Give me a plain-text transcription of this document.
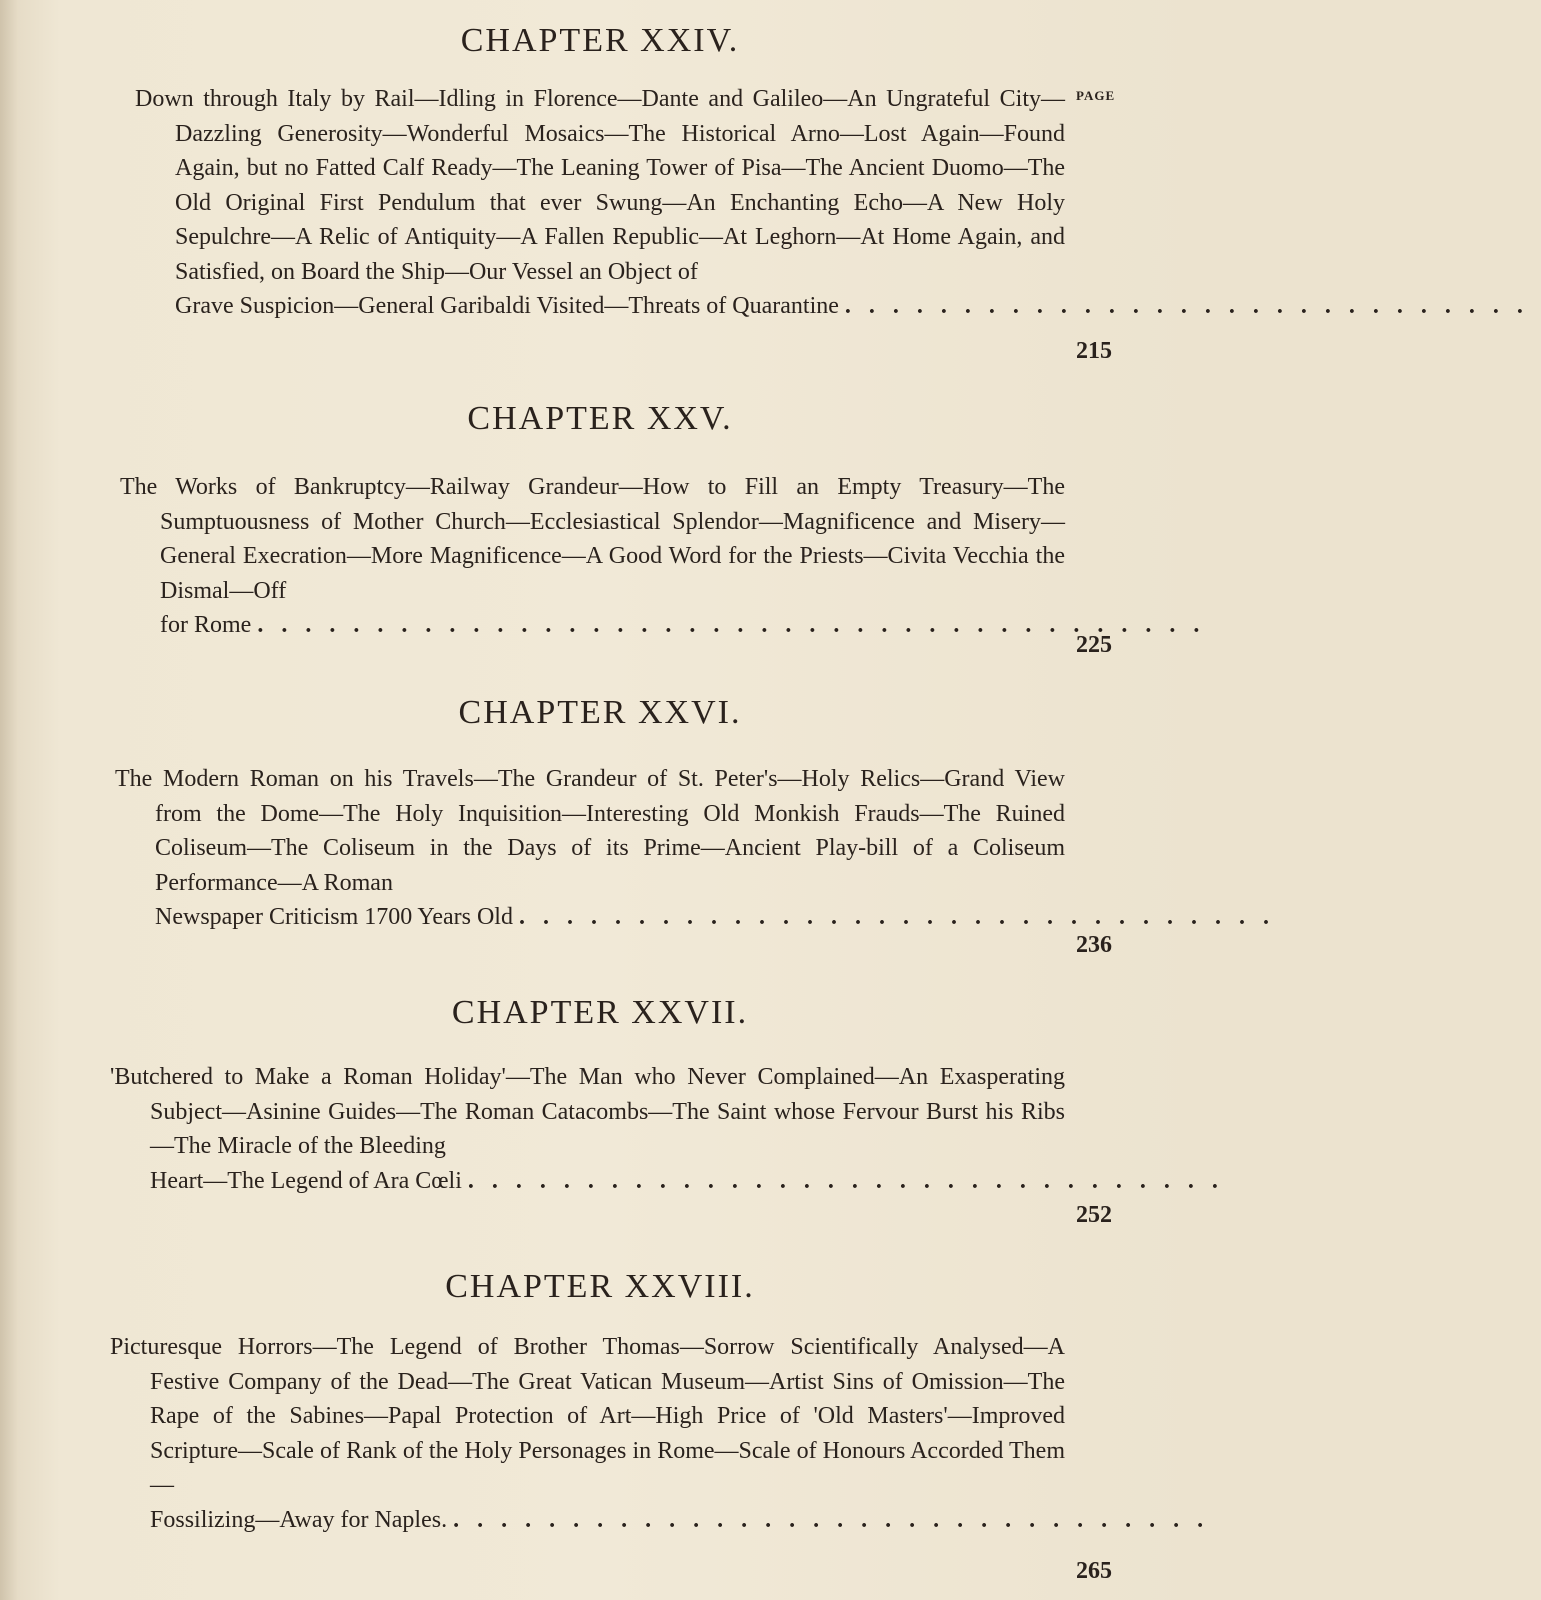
PAGE
CHAPTER XXIV.
Down through Italy by Rail—Idling in Florence—Dante and Galileo—An Ungrateful City—Dazzling Generosity—Wonderful Mosaics—The Historical Arno—Lost Again—Found Again, but no Fatted Calf Ready—The Leaning Tower of Pisa—The Ancient Duomo—The Old Original First Pendulum that ever Swung—An Enchanting Echo—A New Holy Sepulchre—A Relic of Antiquity—A Fallen Republic—At Leghorn—At Home Again, and Satisfied, on Board the Ship—Our Vessel an Object of
Grave Suspicion—General Garibaldi Visited—Threats of Quarantine .............................
215
CHAPTER XXV.
The Works of Bankruptcy—Railway Grandeur—How to Fill an Empty Treasury—The Sumptuousness of Mother Church—Ecclesiastical Splendor—Magnificence and Misery—General Execration—More Magnificence—A Good Word for the Priests—Civita Vecchia the Dismal—Off
for Rome ........................................
225
CHAPTER XXVI.
The Modern Roman on his Travels—The Grandeur of St. Peter's—Holy Relics—Grand View from the Dome—The Holy Inquisition—Interesting Old Monkish Frauds—The Ruined Coliseum—The Coliseum in the Days of its Prime—Ancient Play-bill of a Coliseum Performance—A Roman
Newspaper Criticism 1700 Years Old ................................
236
CHAPTER XXVII.
'Butchered to Make a Roman Holiday'—The Man who Never Complained—An Exasperating Subject—Asinine Guides—The Roman Catacombs—The Saint whose Fervour Burst his Ribs—The Miracle of the Bleeding
Heart—The Legend of Ara Cœli ................................
252
CHAPTER XXVIII.
Picturesque Horrors—The Legend of Brother Thomas—Sorrow Scientifically Analysed—A Festive Company of the Dead—The Great Vatican Museum—Artist Sins of Omission—The Rape of the Sabines—Papal Protection of Art—High Price of 'Old Masters'—Improved Scripture—Scale of Rank of the Holy Personages in Rome—Scale of Honours Accorded Them—
Fossilizing—Away for Naples. ................................
265
